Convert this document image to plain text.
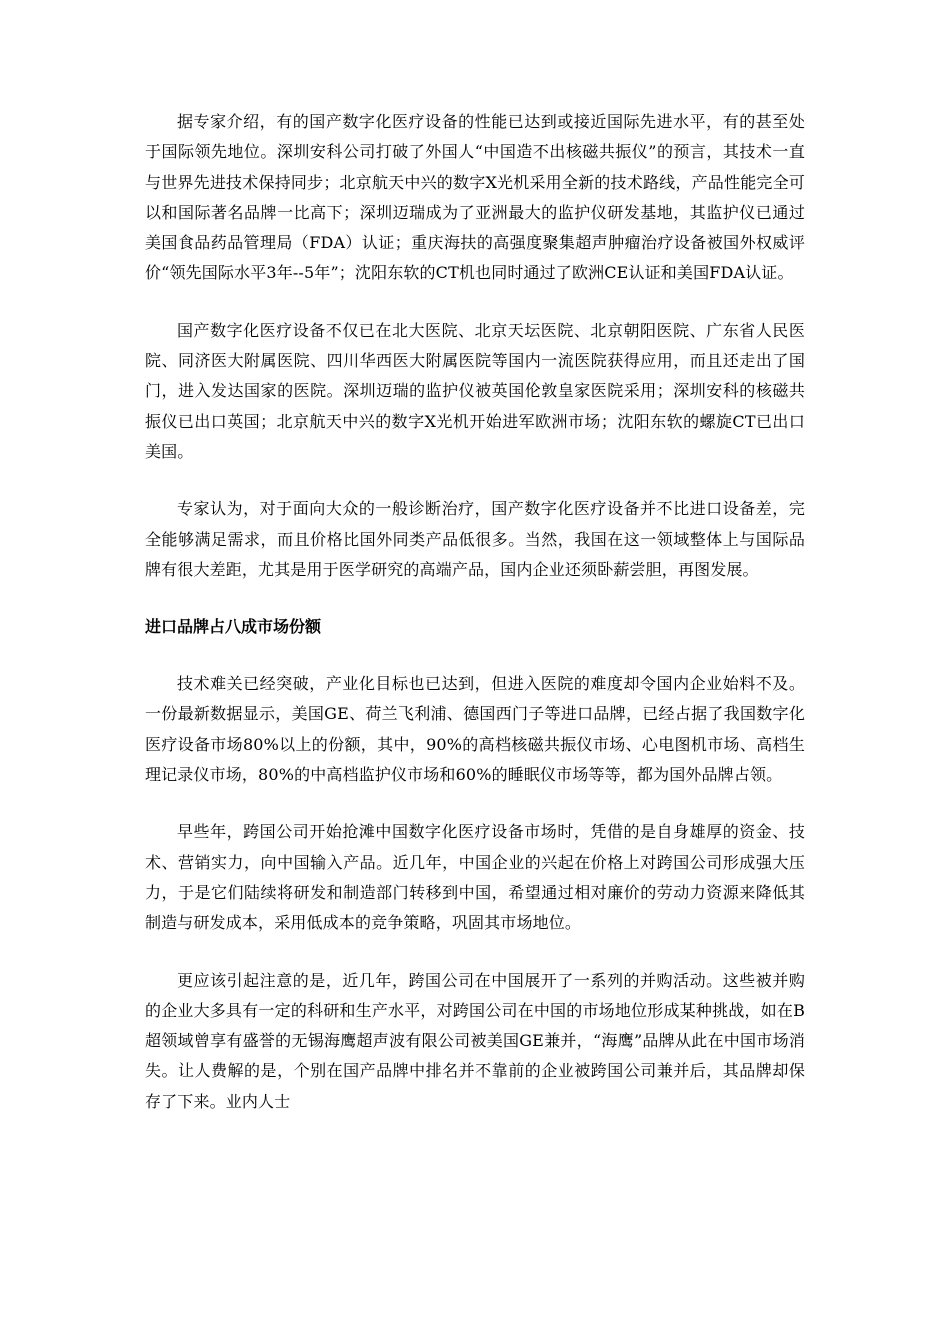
据专家介绍，有的国产数字化医疗设备的性能已达到或接近国际先进水平，有的甚至处于国际领先地位。深圳安科公司打破了外国人“中国造不出核磁共振仪”的预言，其技术一直与世界先进技术保持同步；北京航天中兴的数字X光机采用全新的技术路线，产品性能完全可以和国际著名品牌一比高下；深圳迈瑞成为了亚洲最大的监护仪研发基地，其监护仪已通过美国食品药品管理局（FDA）认证；重庆海扶的高强度聚集超声肿瘤治疗设备被国外权威评价“领先国际水平3年--5年”；沈阳东软的CT机也同时通过了欧洲CE认证和美国FDA认证。

国产数字化医疗设备不仅已在北大医院、北京天坛医院、北京朝阳医院、广东省人民医院、同济医大附属医院、四川华西医大附属医院等国内一流医院获得应用，而且还走出了国门，进入发达国家的医院。深圳迈瑞的监护仪被英国伦敦皇家医院采用；深圳安科的核磁共振仪已出口英国；北京航天中兴的数字X光机开始进军欧洲市场；沈阳东软的螺旋CT已出口美国。

专家认为，对于面向大众的一般诊断治疗，国产数字化医疗设备并不比进口设备差，完全能够满足需求，而且价格比国外同类产品低很多。当然，我国在这一领域整体上与国际品牌有很大差距，尤其是用于医学研究的高端产品，国内企业还须卧薪尝胆，再图发展。

进口品牌占八成市场份额

技术难关已经突破，产业化目标也已达到，但进入医院的难度却令国内企业始料不及。一份最新数据显示，美国GE、荷兰飞利浦、德国西门子等进口品牌，已经占据了我国数字化医疗设备市场80%以上的份额，其中，90%的高档核磁共振仪市场、心电图机市场、高档生理记录仪市场，80%的中高档监护仪市场和60%的睡眠仪市场等等，都为国外品牌占领。

早些年，跨国公司开始抢滩中国数字化医疗设备市场时，凭借的是自身雄厚的资金、技术、营销实力，向中国输入产品。近几年，中国企业的兴起在价格上对跨国公司形成强大压力，于是它们陆续将研发和制造部门转移到中国，希望通过相对廉价的劳动力资源来降低其制造与研发成本，采用低成本的竞争策略，巩固其市场地位。

更应该引起注意的是，近几年，跨国公司在中国展开了一系列的并购活动。这些被并购的企业大多具有一定的科研和生产水平，对跨国公司在中国的市场地位形成某种挑战，如在B超领域曾享有盛誉的无锡海鹰超声波有限公司被美国GE兼并，“海鹰”品牌从此在中国市场消失。让人费解的是，个别在国产品牌中排名并不靠前的企业被跨国公司兼并后，其品牌却保存了下来。业内人士
